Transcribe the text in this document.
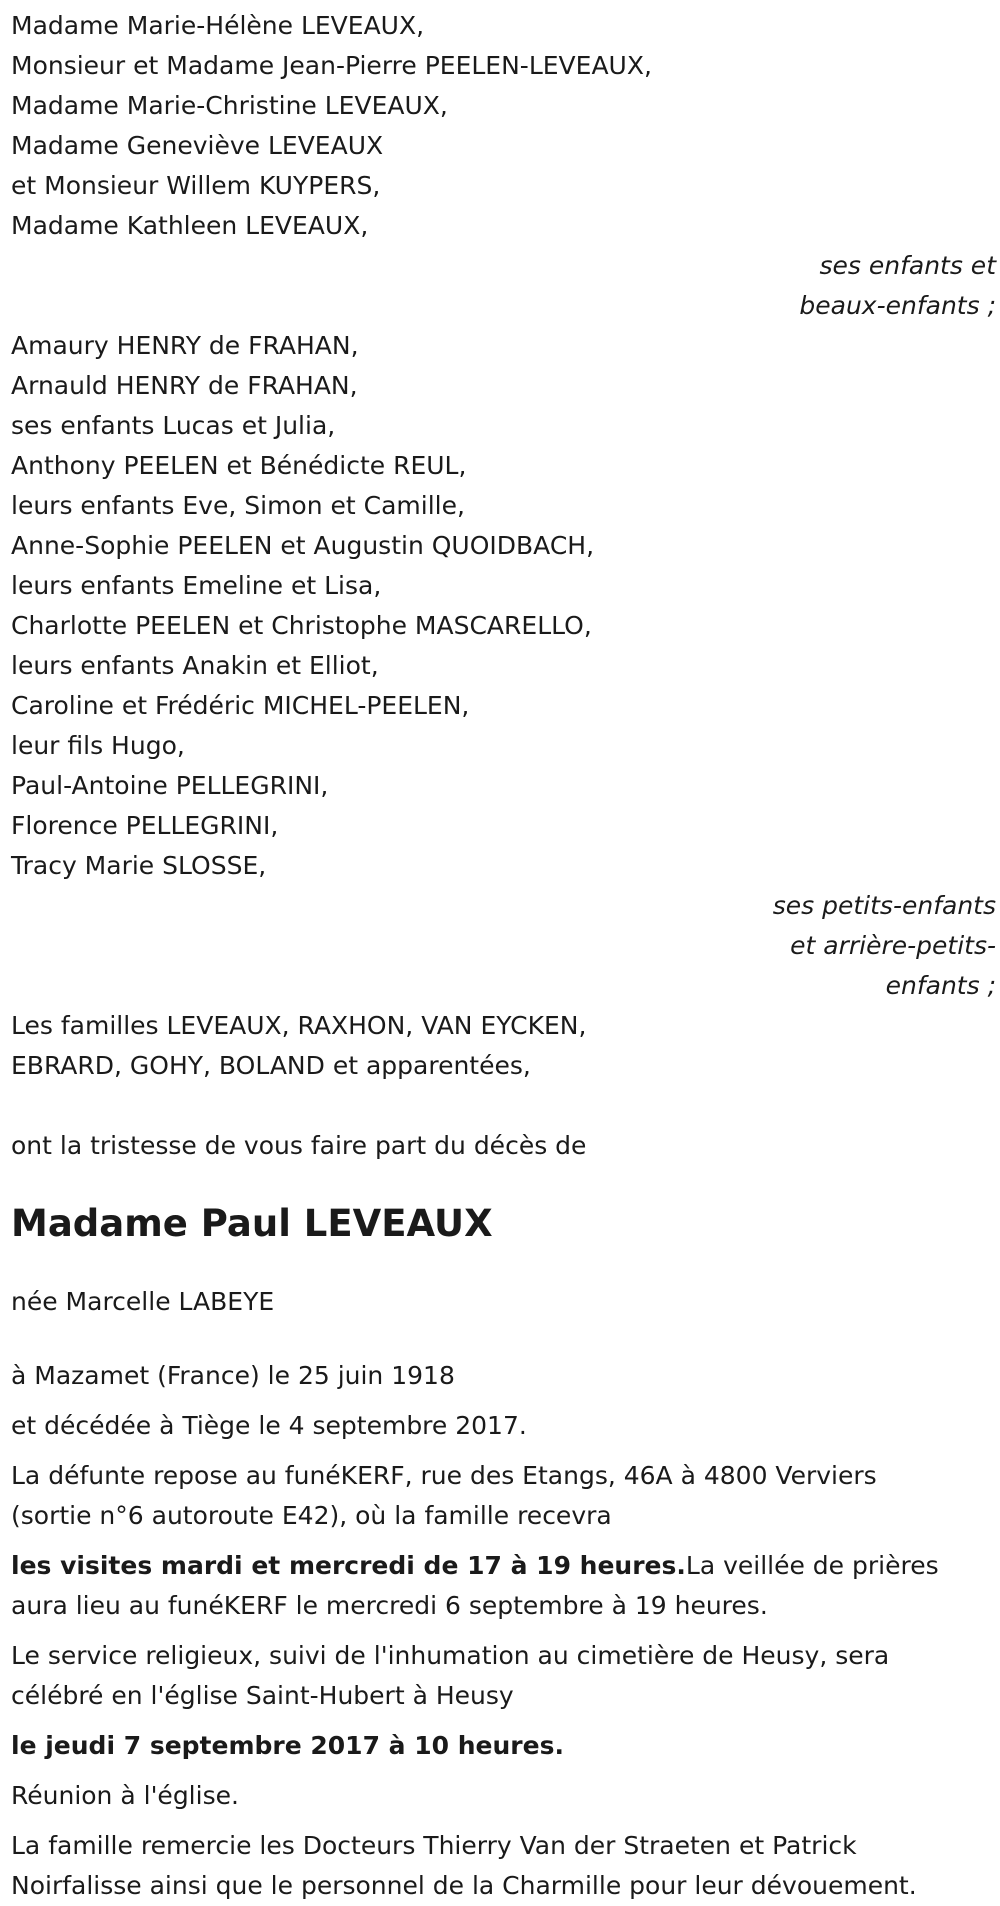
Madame Marie-Hélène LEVEAUX,
Monsieur et Madame Jean-Pierre PEELEN-LEVEAUX,
Madame Marie-Christine LEVEAUX,
Madame Geneviève LEVEAUX
et Monsieur Willem KUYPERS,
Madame Kathleen LEVEAUX,
ses enfants et
beaux-enfants ;
Amaury HENRY de FRAHAN,
Arnauld HENRY de FRAHAN,
ses enfants Lucas et Julia,
Anthony PEELEN et Bénédicte REUL,
leurs enfants Eve, Simon et Camille,
Anne-Sophie PEELEN et Augustin QUOIDBACH,
leurs enfants Emeline et Lisa,
Charlotte PEELEN et Christophe MASCARELLO,
leurs enfants Anakin et Elliot,
Caroline et Frédéric MICHEL-PEELEN,
leur fils Hugo,
Paul-Antoine PELLEGRINI,
Florence PELLEGRINI,
Tracy Marie SLOSSE,
ses petits-enfants
et arrière-petits-
enfants ;
Les familles LEVEAUX, RAXHON, VAN EYCKEN,
EBRARD, GOHY, BOLAND et apparentées,
ont la tristesse de vous faire part du décès de
Madame Paul LEVEAUX
née Marcelle LABEYE
à Mazamet (France) le 25 juin 1918
et décédée à Tiège le 4 septembre 2017.
La défunte repose au funéKERF, rue des Etangs, 46A à 4800 Verviers
(sortie n°6 autoroute E42), où la famille recevra
les visites mardi et mercredi de 17 à 19 heures.La veillée de prières
aura lieu au funéKERF le mercredi 6 septembre à 19 heures.
Le service religieux, suivi de l'inhumation au cimetière de Heusy, sera
célébré en l'église Saint-Hubert à Heusy
le jeudi 7 septembre 2017 à 10 heures.
Réunion à l'église.
La famille remercie les Docteurs Thierry Van der Straeten et Patrick
Noirfalisse ainsi que le personnel de la Charmille pour leur dévouement.
